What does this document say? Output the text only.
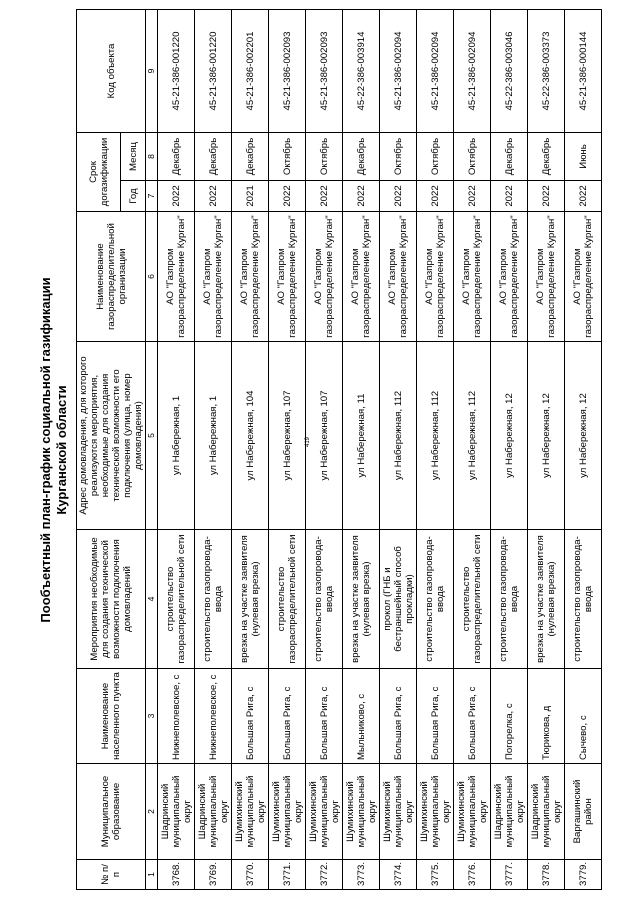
419
Пообъектный план-график социальной газификации Курганской области
№ п/п	Муниципальное образование	Наименование населенного пункта	Мероприятия необходимые для создания технической возможности подключения домовладений	Адрес домовладения, для которого реализуются мероприятия, необходимые для создания технической возможности его подключения (улица, номер домовладения)	Наименование газораспределительной организации	Срок догазификации		Код объекта
						Год	Месяц	
1	2	3	4	5	6	7	8	9
3768.	Шадринский муниципальный округ	Нижнеполевское, с	строительство газораспределительной сети	ул Набережная, 1	АО "Газпром газораспределение Курган"	2022	Декабрь	45-21-386-001220
3769.	Шадринский муниципальный округ	Нижнеполевское, с	строительство газопровода-ввода	ул Набережная, 1	АО "Газпром газораспределение Курган"	2022	Декабрь	45-21-386-001220
3770.	Шумихинский муниципальный округ	Большая Рига, с	врезка на участке заявителя (нулевая врезка)	ул Набережная, 104	АО "Газпром газораспределение Курган"	2021	Декабрь	45-21-386-002201
3771.	Шумихинский муниципальный округ	Большая Рига, с	строительство газораспределительной сети	ул Набережная, 107	АО "Газпром газораспределение Курган"	2022	Октябрь	45-21-386-002093
3772.	Шумихинский муниципальный округ	Большая Рига, с	строительство газопровода-ввода	ул Набережная, 107	АО "Газпром газораспределение Курган"	2022	Октябрь	45-21-386-002093
3773.	Шумихинский муниципальный округ	Мыльниково, с	врезка на участке заявителя (нулевая врезка)	ул Набережная, 11	АО "Газпром газораспределение Курган"	2022	Декабрь	45-22-386-003914
3774.	Шумихинский муниципальный округ	Большая Рига, с	прокол (ГНБ и бестраншейный способ прокладки)	ул Набережная, 112	АО "Газпром газораспределение Курган"	2022	Октябрь	45-21-386-002094
3775.	Шумихинский муниципальный округ	Большая Рига, с	строительство газопровода-ввода	ул Набережная, 112	АО "Газпром газораспределение Курган"	2022	Октябрь	45-21-386-002094
3776.	Шумихинский муниципальный округ	Большая Рига, с	строительство газораспределительной сети	ул Набережная, 112	АО "Газпром газораспределение Курган"	2022	Октябрь	45-21-386-002094
3777.	Шадринский муниципальный округ	Погорелка, с	строительство газопровода-ввода	ул Набережная, 12	АО "Газпром газораспределение Курган"	2022	Декабрь	45-22-386-003046
3778.	Шадринский муниципальный округ	Тюрикова, д	врезка на участке заявителя (нулевая врезка)	ул Набережная, 12	АО "Газпром газораспределение Курган"	2022	Декабрь	45-22-386-003373
3779.	Варгашинский район	Сычево, с	строительство газопровода-ввода	ул Набережная, 12	АО "Газпром газораспределение Курган"	2022	Июнь	45-21-386-000144
